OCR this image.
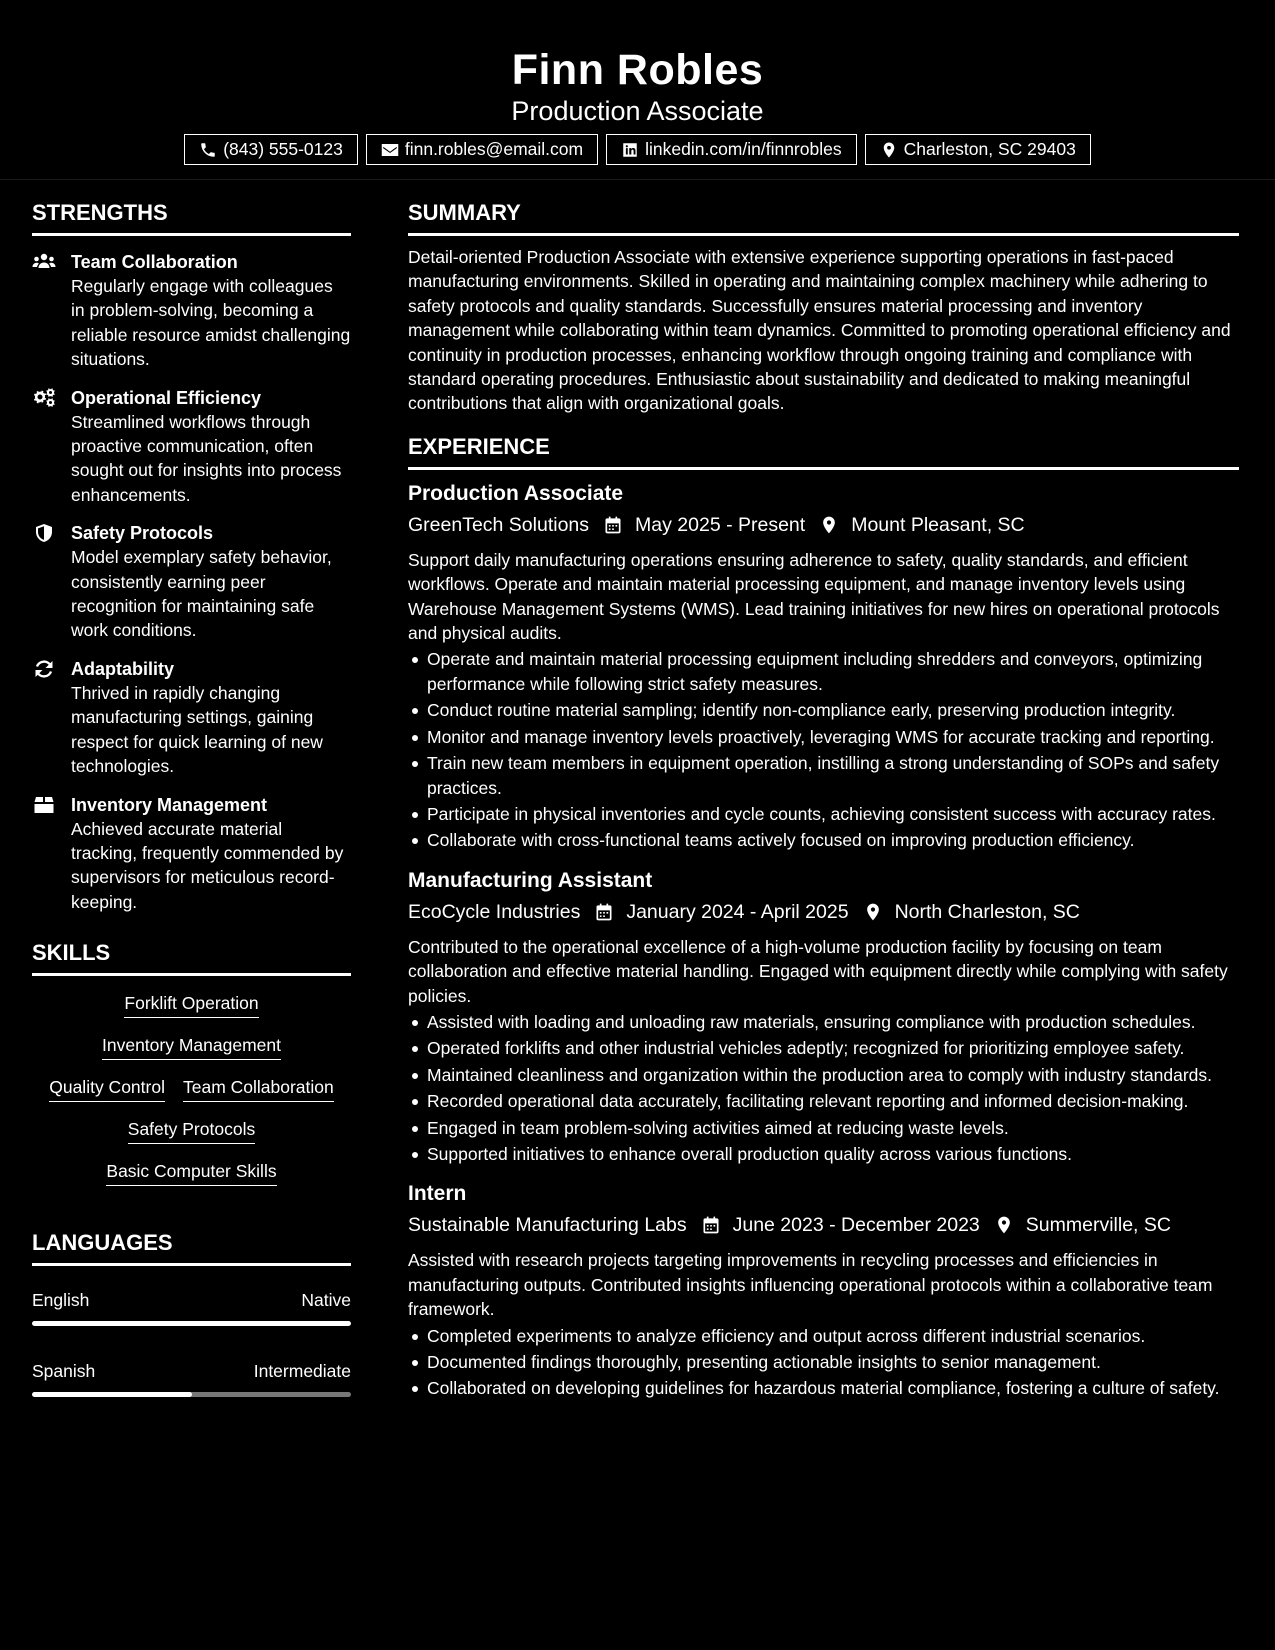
Finn Robles
Production Associate
(843) 555-0123	finn.robles@email.com	linkedin.com/in/finnrobles	Charleston, SC 29403
STRENGTHS
Team Collaboration
Regularly engage with colleagues in problem-solving, becoming a reliable resource amidst challenging situations.
Operational Efficiency
Streamlined workflows through proactive communication, often sought out for insights into process enhancements.
Safety Protocols
Model exemplary safety behavior, consistently earning peer recognition for maintaining safe work conditions.
Adaptability
Thrived in rapidly changing manufacturing settings, gaining respect for quick learning of new technologies.
Inventory Management
Achieved accurate material tracking, frequently commended by supervisors for meticulous record-keeping.
SKILLS
Forklift Operation
Inventory Management
Quality Control Team Collaboration
Safety Protocols
Basic Computer Skills
LANGUAGES
English	Native
Spanish	Intermediate
SUMMARY
Detail-oriented Production Associate with extensive experience supporting operations in fast-paced manufacturing environments. Skilled in operating and maintaining complex machinery while adhering to safety protocols and quality standards. Successfully ensures material processing and inventory management while collaborating within team dynamics. Committed to promoting operational efficiency and continuity in production processes, enhancing workflow through ongoing training and compliance with standard operating procedures. Enthusiastic about sustainability and dedicated to making meaningful contributions that align with organizational goals.
EXPERIENCE
Production Associate
GreenTech Solutions May 2025 - Present Mount Pleasant, SC
Support daily manufacturing operations ensuring adherence to safety, quality standards, and efficient workflows. Operate and maintain material processing equipment, and manage inventory levels using Warehouse Management Systems (WMS). Lead training initiatives for new hires on operational protocols and physical audits.
Operate and maintain material processing equipment including shredders and conveyors, optimizing performance while following strict safety measures.
Conduct routine material sampling; identify non-compliance early, preserving production integrity.
Monitor and manage inventory levels proactively, leveraging WMS for accurate tracking and reporting.
Train new team members in equipment operation, instilling a strong understanding of SOPs and safety practices.
Participate in physical inventories and cycle counts, achieving consistent success with accuracy rates.
Collaborate with cross-functional teams actively focused on improving production efficiency.
Manufacturing Assistant
EcoCycle Industries January 2024 - April 2025 North Charleston, SC
Contributed to the operational excellence of a high-volume production facility by focusing on team collaboration and effective material handling. Engaged with equipment directly while complying with safety policies.
Assisted with loading and unloading raw materials, ensuring compliance with production schedules.
Operated forklifts and other industrial vehicles adeptly; recognized for prioritizing employee safety.
Maintained cleanliness and organization within the production area to comply with industry standards.
Recorded operational data accurately, facilitating relevant reporting and informed decision-making.
Engaged in team problem-solving activities aimed at reducing waste levels.
Supported initiatives to enhance overall production quality across various functions.
Intern
Sustainable Manufacturing Labs June 2023 - December 2023 Summerville, SC
Assisted with research projects targeting improvements in recycling processes and efficiencies in manufacturing outputs. Contributed insights influencing operational protocols within a collaborative team framework.
Completed experiments to analyze efficiency and output across different industrial scenarios.
Documented findings thoroughly, presenting actionable insights to senior management.
Collaborated on developing guidelines for hazardous material compliance, fostering a culture of safety.
